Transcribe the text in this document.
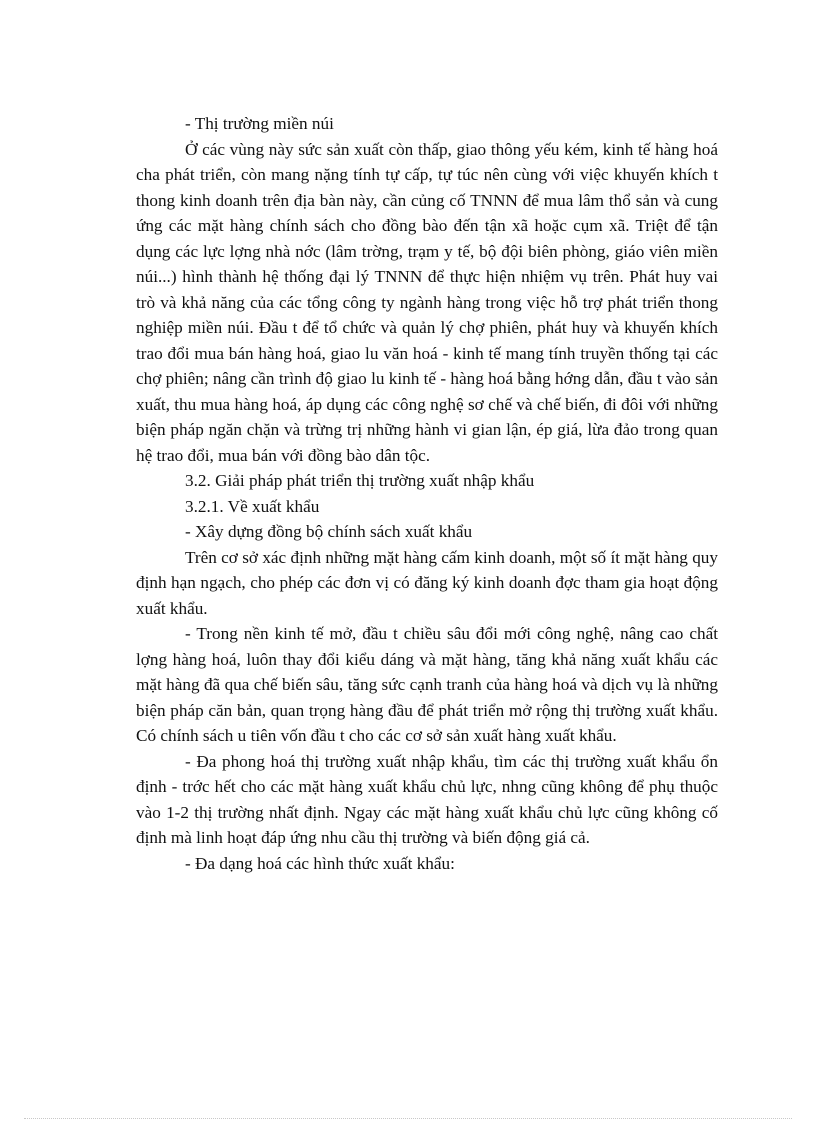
- Thị trường miền núi

Ở các vùng này sức sản xuất còn thấp, giao thông yếu kém, kinh tế hàng hoá cha phát triển, còn mang nặng tính tự cấp, tự túc nên cùng với việc khuyến khích t thong kinh doanh trên địa bàn này, cần củng cố TNNN để mua lâm thổ sản và cung ứng các mặt hàng chính sách cho đồng bào đến tận xã hoặc cụm xã. Triệt để tận dụng các lực lợng nhà nớc (lâm trờng, trạm y tế, bộ đội biên phòng, giáo viên miền núi...) hình thành hệ thống đại lý TNNN để thực hiện nhiệm vụ trên. Phát huy vai trò và khả năng của các tổng công ty ngành hàng trong việc hỗ trợ phát triển thong nghiệp miền núi. Đầu t để tổ chức và quản lý chợ phiên, phát huy và khuyến khích trao đổi mua bán hàng hoá, giao lu văn hoá - kinh tế mang tính truyền thống tại các chợ phiên; nâng cần trình độ giao lu kinh tế - hàng hoá bằng hớng dẫn, đầu t vào sản xuất, thu mua hàng hoá, áp dụng các công nghệ sơ chế và chế biến, đi đôi với những biện pháp ngăn chặn và trừng trị những hành vi gian lận, ép giá, lừa đảo trong quan hệ trao đổi, mua bán với đồng bào dân tộc.

3.2. Giải pháp phát triển thị trường xuất nhập khẩu

3.2.1. Về xuất khẩu

- Xây dựng đồng bộ chính sách xuất khẩu

Trên cơ sở xác định những mặt hàng cấm kinh doanh, một số ít mặt hàng quy định hạn ngạch, cho phép các đơn vị có đăng ký kinh doanh đợc tham gia hoạt động xuất khẩu.

- Trong nền kinh tế mở, đầu t chiều sâu đổi mới công nghệ, nâng cao chất lợng hàng hoá, luôn thay đổi kiểu dáng và mặt hàng, tăng khả năng xuất khẩu các mặt hàng đã qua chế biến sâu, tăng sức cạnh tranh của hàng hoá và dịch vụ là những biện pháp căn bản, quan trọng hàng đầu để phát triển mở rộng thị trường xuất khẩu. Có chính sách u tiên vốn đầu t cho các cơ sở sản xuất hàng xuất khẩu.

- Đa phong hoá thị trường xuất nhập khẩu, tìm các thị trường xuất khẩu ổn định - trớc hết cho các mặt hàng xuất khẩu chủ lực, nhng cũng không để phụ thuộc vào 1-2 thị trường nhất định. Ngay các mặt hàng xuất khẩu chủ lực cũng không cố định mà linh hoạt đáp ứng nhu cầu thị trường và biến động giá cả.

- Đa dạng hoá các hình thức xuất khẩu:
